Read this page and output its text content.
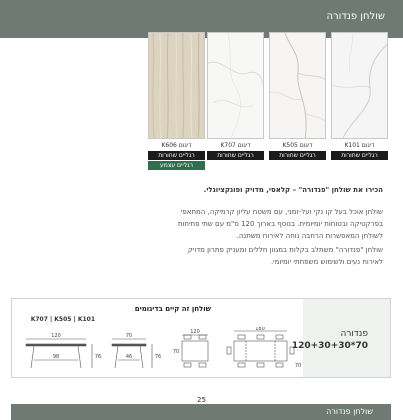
שולחן פנדורה
דיגום K606	דיגום K707	דיגום K505	דיגום K101
רגליים שחורות	רגליים שחורות	רגליים שחורות	רגליים שחורות
רגליים עצמע
הכירו את שולחן "פנדורה" – קלאסי, מדויק ופונקציונלי.
שולחן אוכל בעל קו נקי ועל-זמני, עם משטח עליון קרמיקה, המתאפי
בפרקטיקה ובטוחות יומיומית. בנוסף בארוך 120 ס"מ עם שתי פתיחות
לשולחן המאפשרות הרחבה נוחה לאירוח משתנה.
שולחן "פנדורה" משתלב בקלות במגוון חללים ומעניק פתרון מדויק
לאירוח נעים ולשימוש משפחתי יומיומי.
שולחן זה קיים בדיגומים
K707 | K505 | K101
120
98	76
70
46	76
120
70
180
70
פנדורה
120+30+30*70
25
שולחן פנדורה
